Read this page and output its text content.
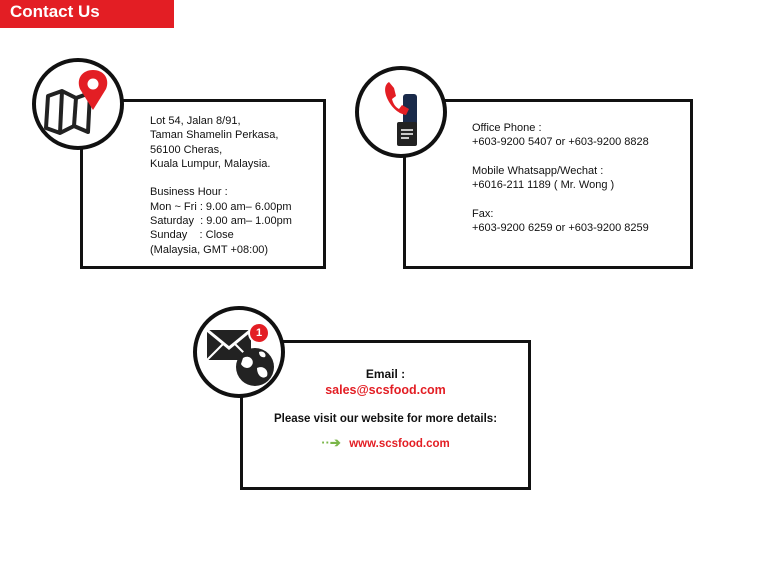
Contact Us
Lot 54, Jalan 8/91,
Taman Shamelin Perkasa,
56100 Cheras,
Kuala Lumpur, Malaysia.
Business Hour :
Mon ~ Fri : 9.00 am– 6.00pm
Saturday  : 9.00 am– 1.00pm
Sunday    : Close
(Malaysia, GMT +08:00)
Office Phone :
+603-9200 5407 or +603-9200 8828
Mobile Whatsapp/Wechat :
+6016-211 1189 ( Mr. Wong )
Fax:
+603-9200 6259 or +603-9200 8259
Email :
sales@scsfood.com
Please visit our website for more details:
··➔ www.scsfood.com
1
